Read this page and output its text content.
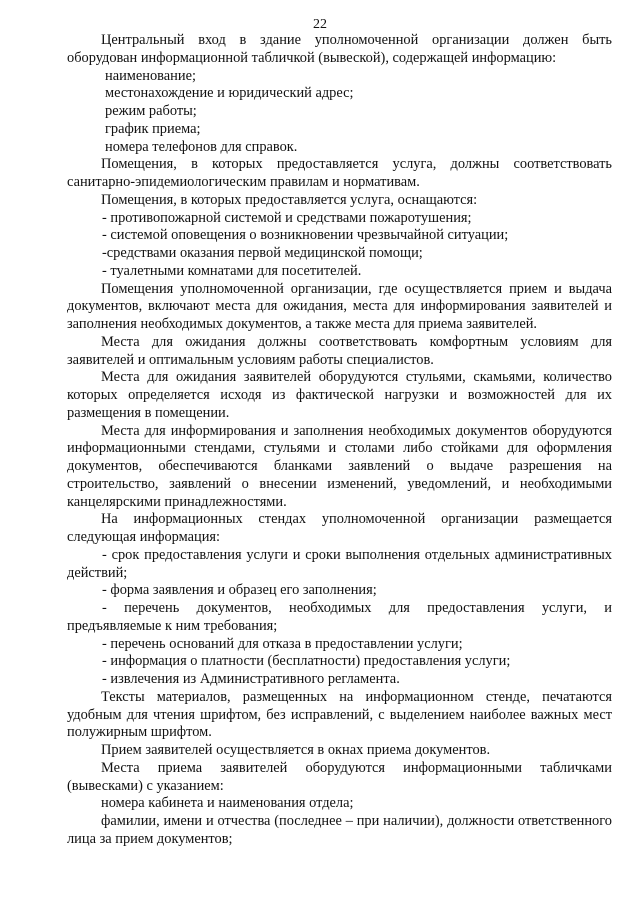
22

Центральный вход в здание уполномоченной организации должен быть оборудован информационной табличкой (вывеской), содержащей информацию:

наименование;

местонахождение и юридический адрес;

режим работы;

график приема;

номера телефонов для справок.

Помещения, в которых предоставляется услуга, должны соответствовать санитарно-эпидемиологическим правилам и нормативам.

Помещения, в которых предоставляется услуга, оснащаются:

- противопожарной системой и средствами пожаротушения;

- системой оповещения о возникновении чрезвычайной ситуации;

-средствами оказания первой медицинской помощи;

- туалетными комнатами для посетителей.

Помещения уполномоченной организации, где осуществляется прием и выдача документов, включают места для ожидания, места для информирования заявителей и заполнения необходимых документов, а также места для приема заявителей.

Места для ожидания должны соответствовать комфортным условиям для заявителей и оптимальным условиям работы специалистов.

Места для ожидания заявителей оборудуются стульями, скамьями, количество которых определяется исходя из фактической нагрузки и возможностей для их размещения в помещении.

Места для информирования и заполнения необходимых документов оборудуются информационными стендами, стульями и столами либо стойками для оформления документов, обеспечиваются бланками заявлений о выдаче разрешения на строительство, заявлений о внесении изменений, уведомлений, и необходимыми канцелярскими принадлежностями.

На информационных стендах уполномоченной организации размещается следующая информация:

- срок предоставления услуги и сроки выполнения отдельных административных действий;

- форма заявления и образец его заполнения;

- перечень документов, необходимых для предоставления услуги, и предъявляемые к ним требования;

- перечень оснований для отказа в предоставлении услуги;

- информация о платности (бесплатности) предоставления услуги;

- извлечения из Административного регламента.

Тексты материалов, размещенных на информационном стенде, печатаются удобным для чтения шрифтом, без исправлений, с выделением наиболее важных мест полужирным шрифтом.

Прием заявителей осуществляется в окнах приема документов.

Места приема заявителей оборудуются информационными табличками (вывесками) с указанием:

номера кабинета и наименования отдела;

фамилии, имени и отчества (последнее – при наличии), должности ответственного лица за прием документов;
